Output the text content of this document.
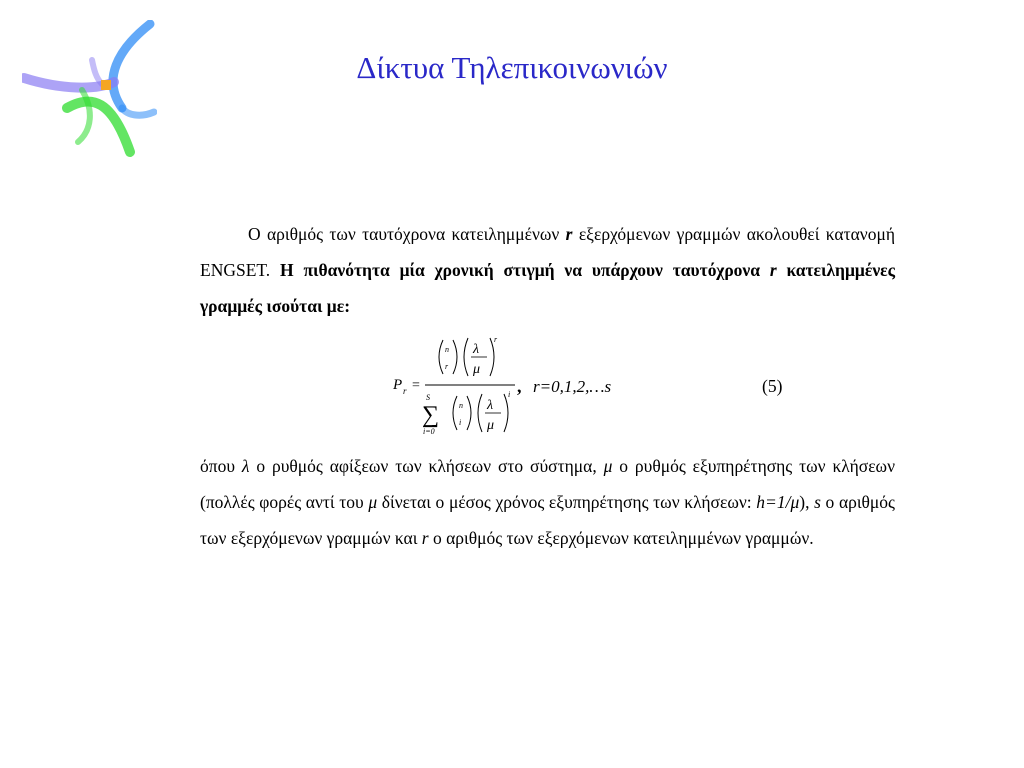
Δίκτυα Τηλεπικοινωνιών
Ο αριθμός των ταυτόχρονα κατειλημμένων r εξερχόμενων γραμμών ακολουθεί κατανομή ENGSET. Η πιθανότητα μία χρονική στιγμή να υπάρχουν ταυτόχρονα r κατειλημμένες γραμμές ισούται με:
P r =
n
r
λ
μ
r
S
∑
i=0
n
i
λ
μ
i , r=0,1,2,…s	(5)
όπου λ ο ρυθμός αφίξεων των κλήσεων στο σύστημα, μ ο ρυθμός εξυπηρέτησης των κλήσεων (πολλές φορές αντί του μ δίνεται ο μέσος χρόνος εξυπηρέτησης των κλήσεων: h=1/μ), s ο αριθμός των εξερχόμενων γραμμών και r ο αριθμός των εξερχόμενων κατειλημμένων γραμμών.
